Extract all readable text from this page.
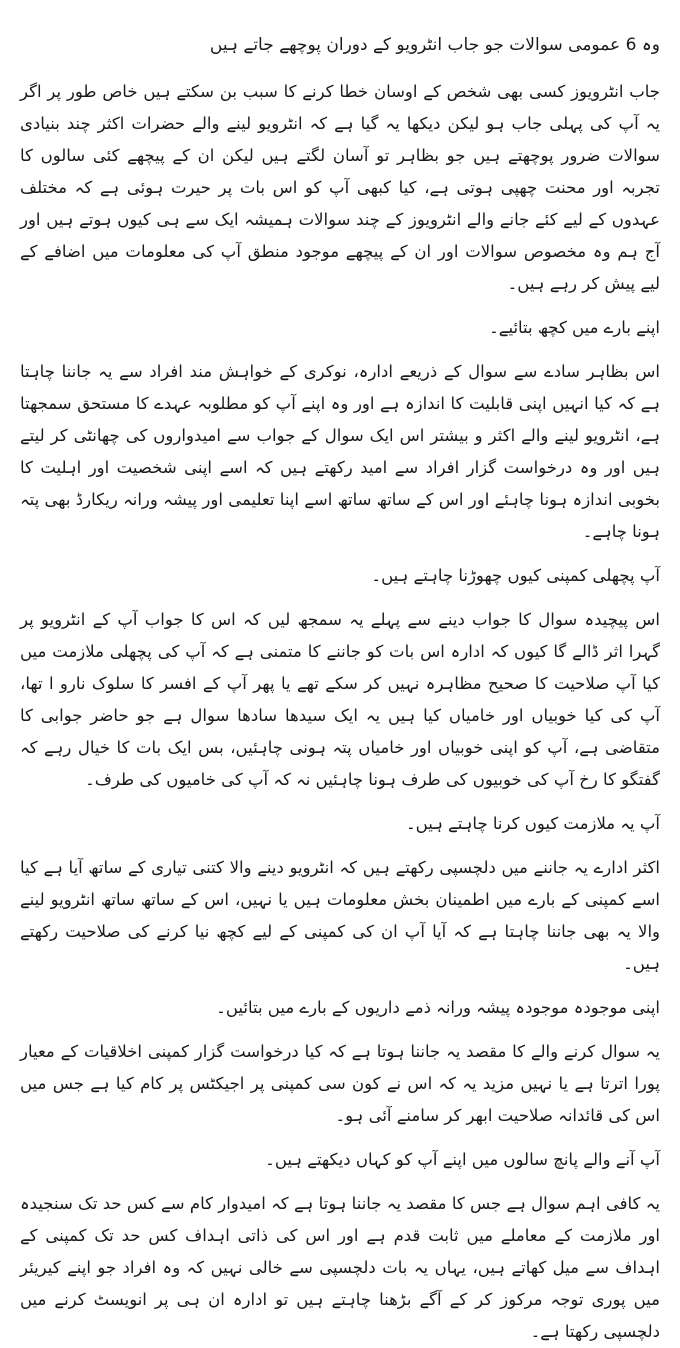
وہ 6 عمومی سوالات جو جاب انٹرویو کے دوران پوچھے جاتے ہیں

جاب انٹرویوز کسی بھی شخص کے اوسان خطا کرنے کا سبب بن سکتے ہیں خاص طور پر اگر یہ آپ کی پہلی جاب ہو لیکن دیکھا یہ گیا ہے کہ انٹرویو لینے والے حضرات اکثر چند بنیادی سوالات ضرور پوچھتے ہیں جو بظاہر تو آسان لگتے ہیں لیکن ان کے پیچھے کئی سالوں کا تجربہ اور محنت چھپی ہوتی ہے، کیا کبھی آپ کو اس بات پر حیرت ہوئی ہے کہ مختلف عہدوں کے لیے کئے جانے والے انٹرویوز کے چند سوالات ہمیشہ ایک سے ہی کیوں ہوتے ہیں اور آج ہم وہ مخصوص سوالات اور ان کے پیچھے موجود منطق آپ کی معلومات میں اضافے کے لیے پیش کر رہے ہیں۔

اپنے بارے میں کچھ بتائیے۔

اس بظاہر سادے سے سوال کے ذریعے ادارہ، نوکری کے خواہش مند افراد سے یہ جاننا چاہتا ہے کہ کیا انہیں اپنی قابلیت کا اندازہ ہے اور وہ اپنے آپ کو مطلوبہ عہدے کا مستحق سمجھتا ہے، انٹرویو لینے والے اکثر و بیشتر اس ایک سوال کے جواب سے امیدواروں کی چھانٹی کر لیتے ہیں اور وہ درخواست گزار افراد سے امید رکھتے ہیں کہ اسے اپنی شخصیت اور اہلیت کا بخوبی اندازہ ہونا چاہئے اور اس کے ساتھ ساتھ اسے اپنا تعلیمی اور پیشہ ورانہ ریکارڈ بھی پتہ ہونا چاہے۔

آپ پچھلی کمپنی کیوں چھوڑنا چاہتے ہیں۔

اس پیچیدہ سوال کا جواب دینے سے پہلے یہ سمجھ لیں کہ اس کا جواب آپ کے انٹرویو پر گہرا اثر ڈالے گا کیوں کہ ادارہ اس بات کو جاننے کا متمنی ہے کہ آپ کی پچھلی ملازمت میں کیا آپ صلاحیت کا صحیح مظاہرہ نہیں کر سکے تھے یا پھر آپ کے افسر کا سلوک نارو ا تھا، آپ کی کیا خوبیاں اور خامیاں کیا ہیں یہ ایک سیدھا سادھا سوال ہے جو حاضر جوابی کا متقاضی ہے، آپ کو اپنی خوبیاں اور خامیاں پتہ ہونی چاہئیں، بس ایک بات کا خیال رہے کہ گفتگو کا رخ آپ کی خوبیوں کی طرف ہونا چاہئیں نہ کہ آپ کی خامیوں کی طرف۔

آپ یہ ملازمت کیوں کرنا چاہتے ہیں۔

اکثر ادارے یہ جاننے میں دلچسپی رکھتے ہیں کہ انٹرویو دینے والا کتنی تیاری کے ساتھ آیا ہے کیا اسے کمپنی کے بارے میں اطمینان بخش معلومات ہیں یا نہیں، اس کے ساتھ ساتھ انٹرویو لینے والا یہ بھی جاننا چاہتا ہے کہ آیا آپ ان کی کمپنی کے لیے کچھ نیا کرنے کی صلاحیت رکھتے ہیں۔

اپنی موجودہ موجودہ پیشہ ورانہ ذمے داریوں کے بارے میں بتائیں۔

یہ سوال کرنے والے کا مقصد یہ جاننا ہوتا ہے کہ کیا درخواست گزار کمپنی اخلاقیات کے معیار پورا اترتا ہے یا نہیں مزید یہ کہ اس نے کون سی کمپنی پر اجیکٹس پر کام کیا ہے جس میں اس کی قائدانہ صلاحیت ابھر کر سامنے آئی ہو۔

آپ آنے والے پانچ سالوں میں اپنے آپ کو کہاں دیکھتے ہیں۔

یہ کافی اہم سوال ہے جس کا مقصد یہ جاننا ہوتا ہے کہ امیدوار کام سے کس حد تک سنجیدہ اور ملازمت کے معاملے میں ثابت قدم ہے اور اس کی ذاتی اہداف کس حد تک کمپنی کے اہداف سے میل کھاتے ہیں، یہاں یہ بات دلچسپی سے خالی نہیں کہ وہ افراد جو اپنے کیریئر میں پوری توجہ مرکوز کر کے آگے بڑھنا چاہتے ہیں تو ادارہ ان ہی پر انویسٹ کرنے میں دلچسپی رکھتا ہے۔
